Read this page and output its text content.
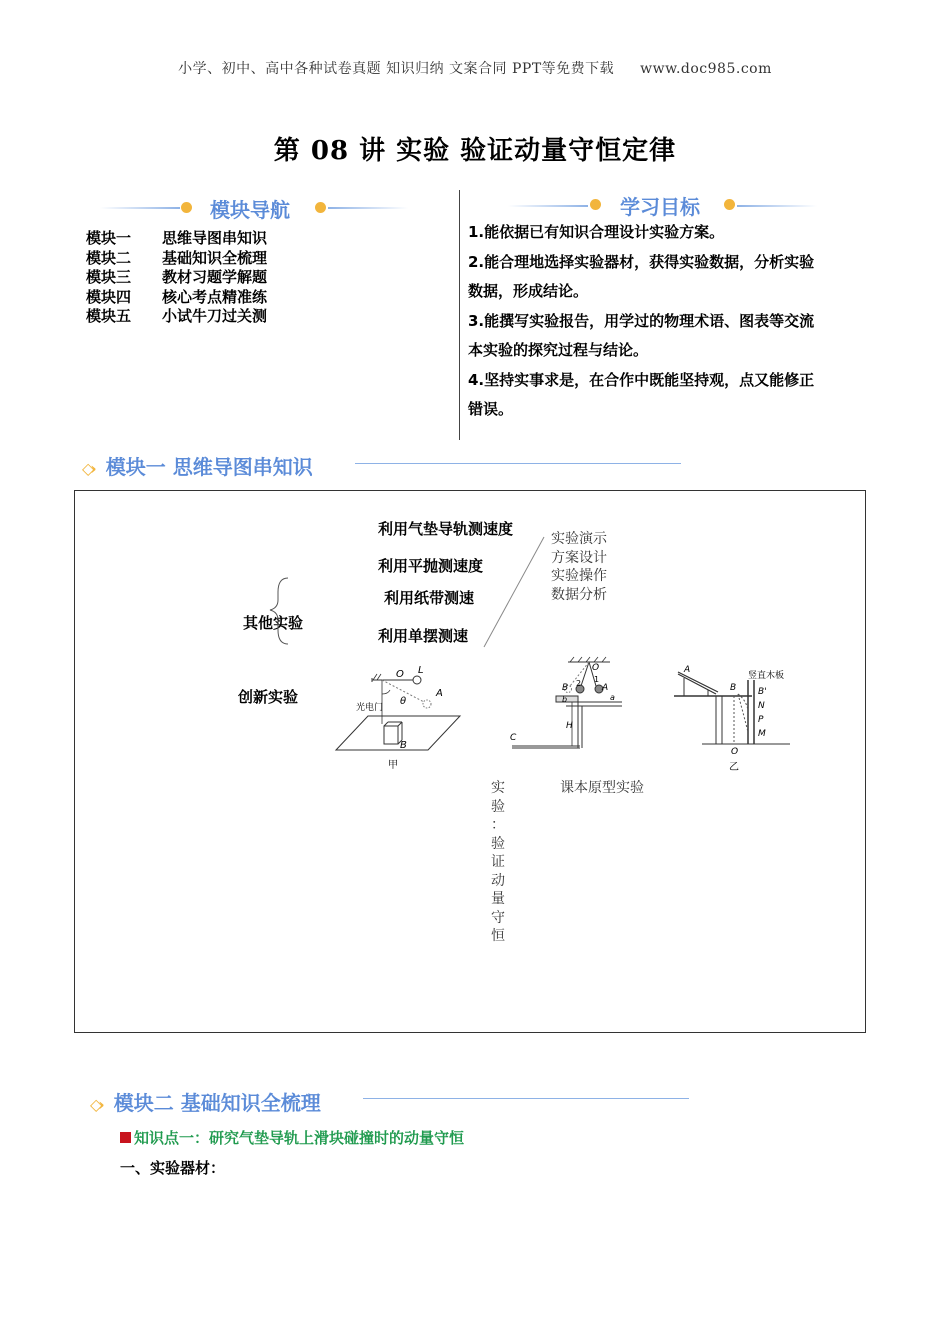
小学、初中、高中各种试卷真题 知识归纳 文案合同 PPT等免费下载 www.doc985.com
第 08 讲 实验 验证动量守恒定律
模块导航
模块一 思维导图串知识
模块二 基础知识全梳理
模块三 教材习题学解题
模块四 核心考点精准练
模块五 小试牛刀过关测
学习目标
1.能依据已有知识合理设计实验方案。
2.能合理地选择实验器材，获得实验数据，分析实验
数据，形成结论。
3.能撰写实验报告，用学过的物理术语、图表等交流
本实验的探究过程与结论。
4.坚持实事求是，在合作中既能坚持观，点又能修正
错误。
◇› 模块一 思维导图串知识
利用气垫导轨测速度
利用平抛测速度
利用纸带测速
利用单摆测速
其他实验
创新实验
实验演示
方案设计
实验操作
数据分析
O L
A
θ
光电门
B
甲
O
A
B
1
2
a
b
H
C
A
B
竖直木板
B'
N
P
M
O
乙
课本原型实验
实
验
：
验
证
动
量
守
恒
◇› 模块二 基础知识全梳理
知识点一：研究气垫导轨上滑块碰撞时的动量守恒
一、实验器材：
